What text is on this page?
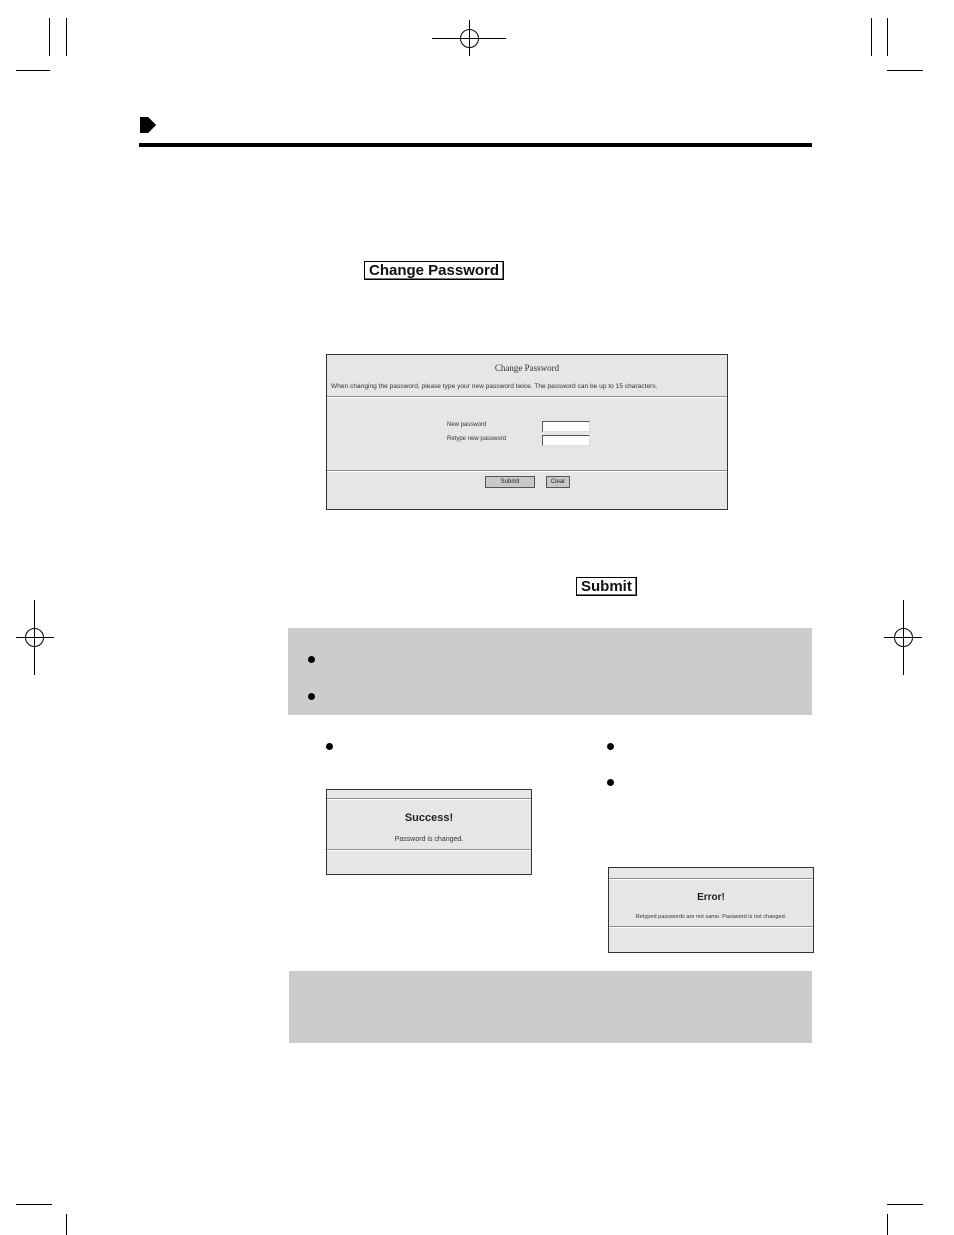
Change Password
Change Password
When changing the password, please type your new password twice. The password can be up to 15 characters.
New password
Retype new password
Submit	Clear
Submit
Success!
Password is changed.
Error!
Retyped passwords are not same. Password is not changed.
